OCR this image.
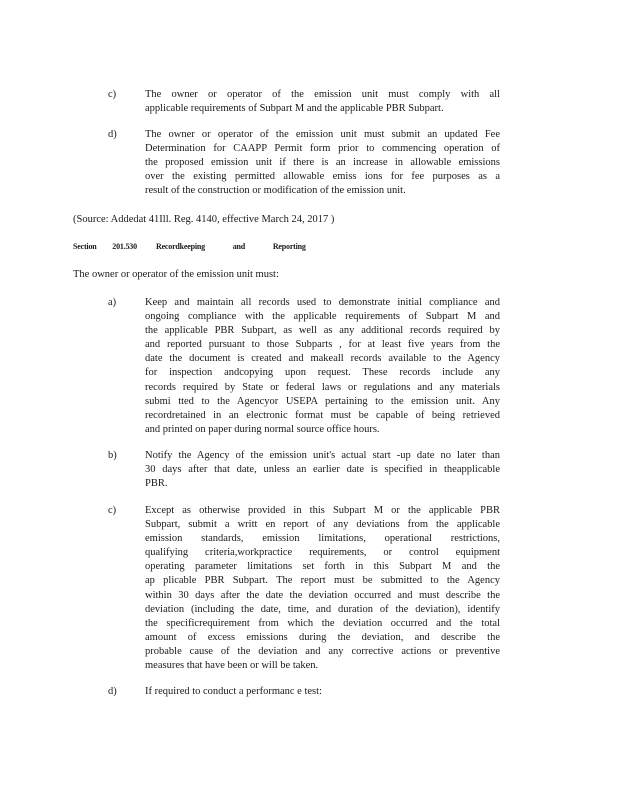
c)	The owner or operator of the emission unit must comply with all
applicable requirements of Subpart M and the applicable PBR Subpart.
d)	The owner or operator of the emission unit must submit an updated Fee
Determination for CAAPP Permit form prior to commencing operation of
the proposed emission unit if there is an increase in allowable emissions
over the existing permitted allowable emiss ions for fee purposes as a
result of the construction or modification of the emission unit.
(Source: Addedat 41Ill. Reg. 4140, effective March 24, 2017 )
Section 201.530 Recordkeeping and Reporting
The owner or operator of the emission unit must:
a)	Keep and maintain all records used to demonstrate initial compliance and
ongoing compliance with the applicable requirements of Subpart M and
the applicable PBR Subpart, as well as any additional records required by
and reported pursuant to those Subparts , for at least five years from the
date the document is created and makeall records available to the Agency
for inspection andcopying upon request. These records include any
records required by State or federal laws or regulations and any materials
submi tted to the Agencyor USEPA pertaining to the emission unit. Any
recordretained in an electronic format must be capable of being retrieved
and printed on paper during normal source office hours.
b)	Notify the Agency of the emission unit's actual start -up date no later than
30 days after that date, unless an earlier date is specified in theapplicable
PBR.
c)	Except as otherwise provided in this Subpart M or the applicable PBR
Subpart, submit a writt en report of any deviations from the applicable
emission standards, emission limitations, operational restrictions,
qualifying criteria,workpractice requirements, or control equipment
operating parameter limitations set forth in this Subpart M and the
ap plicable PBR Subpart. The report must be submitted to the Agency
within 30 days after the date the deviation occurred and must describe the
deviation (including the date, time, and duration of the deviation), identify
the specificrequirement from which the deviation occurred and the total
amount of excess emissions during the deviation, and describe the
probable cause of the deviation and any corrective actions or preventive
measures that have been or will be taken.
d)	If required to conduct a performanc e test:
